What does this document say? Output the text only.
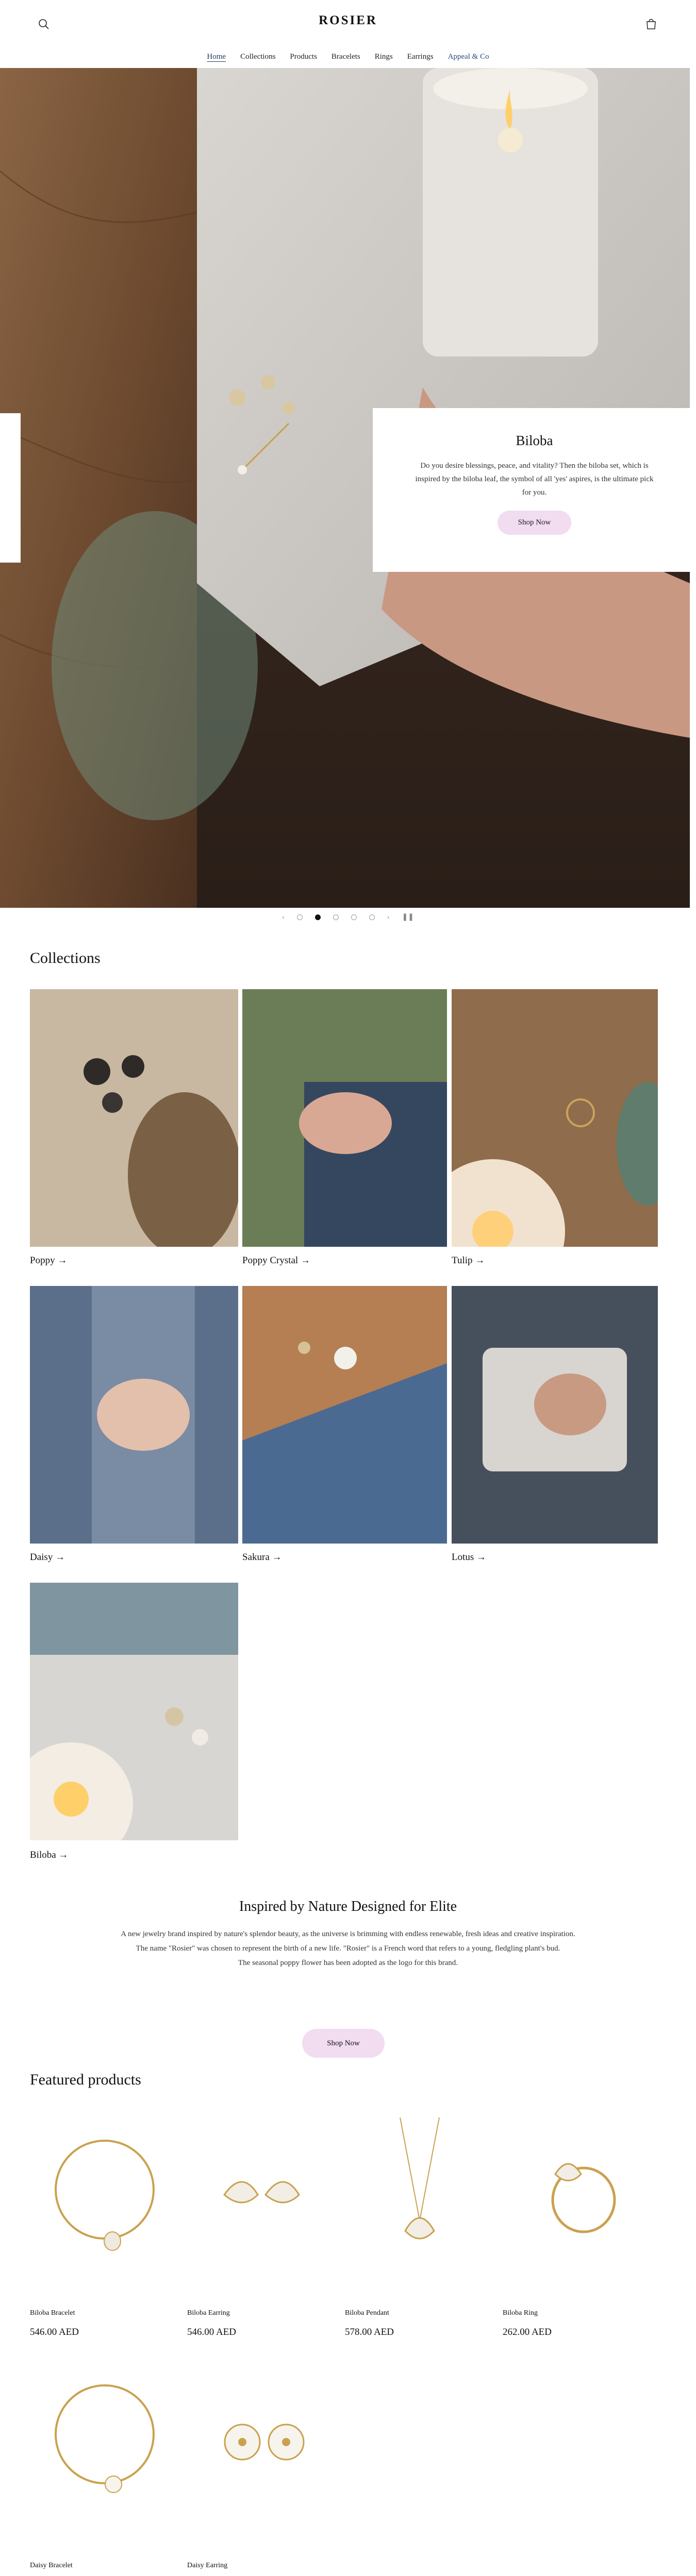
ROSIER
Home Collections Products Bracelets Rings Earrings Appeal & Co
Biloba
Do you desire blessings, peace, and vitality? Then the biloba set, which is inspired by the biloba leaf, the symbol of all 'yes' aspires, is the ultimate pick for you.
Shop Now
‹	› ❚❚
Collections
Poppy →	Poppy Crystal →	Tulip →
Daisy →	Sakura →	Lotus →
Biloba →
Inspired by Nature Designed for Elite
A new jewelry brand inspired by nature's splendor beauty, as the universe is brimming with endless renewable, fresh ideas and creative inspiration.
The name "Rosier" was chosen to represent the birth of a new life. "Rosier" is a French word that refers to a young, fledgling plant's bud.
The seasonal poppy flower has been adopted as the logo for this brand.
Shop Now
Featured products
Biloba Bracelet
546.00 AED
Biloba Earring
546.00 AED
Biloba Pendant
578.00 AED
Biloba Ring
262.00 AED
Daisy Bracelet	Daisy Earring
